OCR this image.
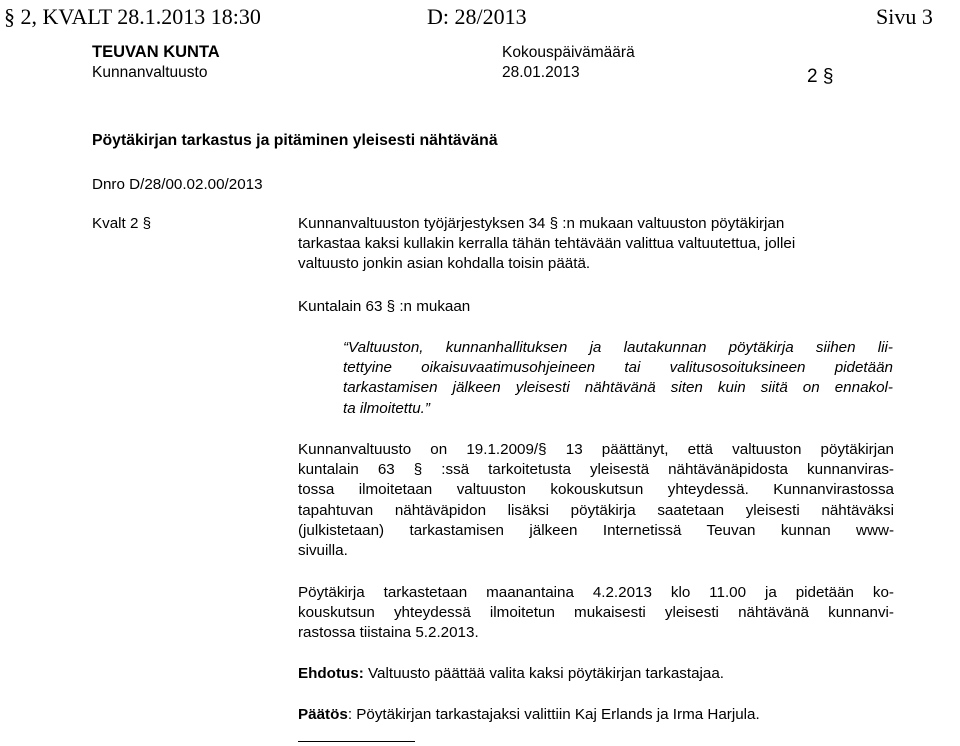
§ 2, KVALT 28.1.2013 18:30	D: 28/2013	Sivu 3
TEUVAN KUNTA
Kunnanvaltuusto
Kokouspäivämäärä
28.01.2013	2 §
Pöytäkirjan tarkastus ja pitäminen yleisesti nähtävänä
Dnro D/28/00.02.00/2013
Kvalt 2 §	Kunnanvaltuuston työjärjestyksen 34 § :n mukaan valtuuston pöytäkirjan
tarkastaa kaksi kullakin kerralla tähän tehtävään valittua valtuutettua, jollei
valtuusto jonkin asian kohdalla toisin päätä.
Kuntalain 63 § :n mukaan
“Valtuuston, kunnanhallituksen ja lautakunnan pöytäkirja siihen lii-
tettyine oikaisuvaatimusohjeineen tai valitusosoituksineen pidetään
tarkastamisen jälkeen yleisesti nähtävänä siten kuin siitä on ennakol-
ta ilmoitettu.”
Kunnanvaltuusto on 19.1.2009/§ 13 päättänyt, että valtuuston pöytäkirjan
kuntalain 63 § :ssä tarkoitetusta yleisestä nähtävänäpidosta kunnanviras-
tossa ilmoitetaan valtuuston kokouskutsun yhteydessä. Kunnanvirastossa
tapahtuvan nähtäväpidon lisäksi pöytäkirja saatetaan yleisesti nähtäväksi
(julkistetaan) tarkastamisen jälkeen Internetissä Teuvan kunnan www-
sivuilla.
Pöytäkirja tarkastetaan maanantaina 4.2.2013 klo 11.00 ja pidetään ko-
kouskutsun yhteydessä ilmoitetun mukaisesti yleisesti nähtävänä kunnanvi-
rastossa tiistaina 5.2.2013.
Ehdotus: Valtuusto päättää valita kaksi pöytäkirjan tarkastajaa.
Päätös: Pöytäkirjan tarkastajaksi valittiin Kaj Erlands ja Irma Harjula.
